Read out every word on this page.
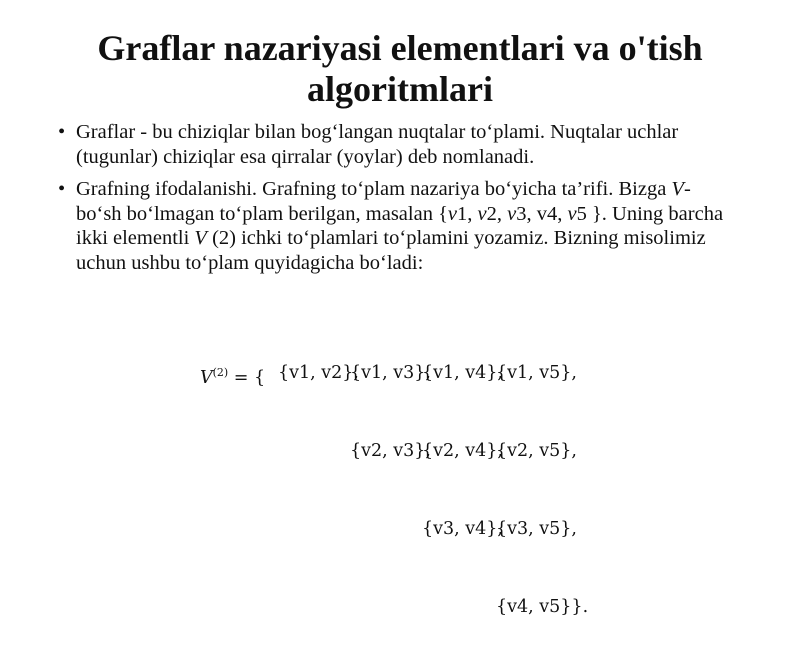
Graflar nazariyasi elementlari va o'tish algoritmlari
• Graflar - bu chiziqlar bilan bog‘langan nuqtalar to‘plami. Nuqtalar uchlar (tugunlar) chiziqlar esa qirralar (yoylar) deb nomlanadi.
• Grafning ifodalanishi. Grafning to‘plam nazariya bo‘yicha ta’rifi. Bizga V- bo‘sh bo‘lmagan to‘plam berilgan, masalan {v1, v2, v3, v4, v5 }. Uning barcha ikki elementli V (2) ichki to‘plamlari to‘plamini yozamiz. Bizning misolimiz uchun ushbu to‘plam quyidagicha bo‘ladi:

$V^{(2)}$ = {

{v1, v2},

{v1, v3},

{v1, v4},

{v1, v5},

{v2, v3},

{v2, v4},

{v2, v5},

{v3, v4},

{v3, v5},

{v4, v5}}.
